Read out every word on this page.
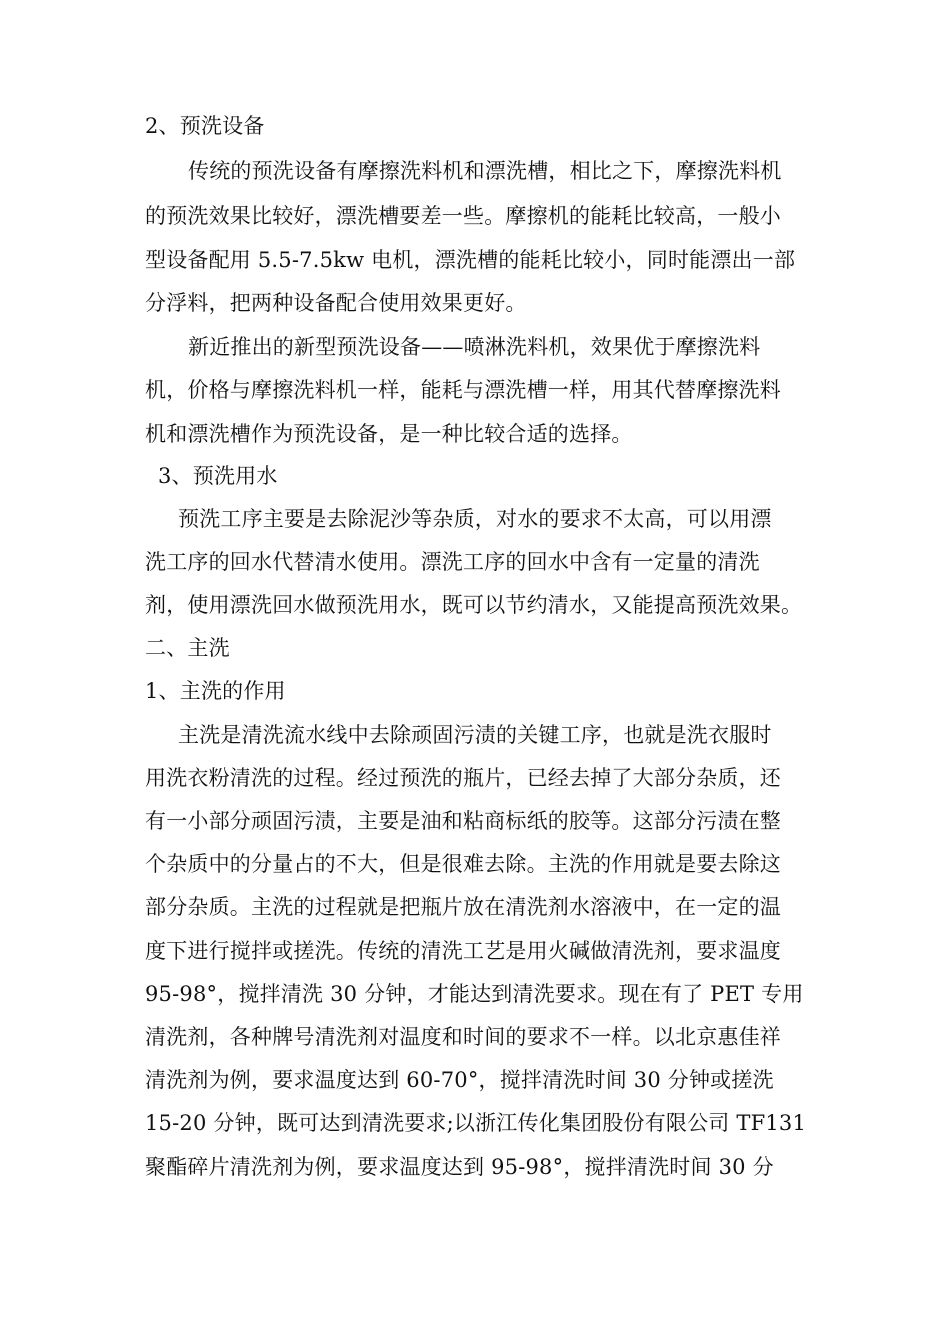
2、预洗设备

传统的预洗设备有摩擦洗料机和漂洗槽，相比之下，摩擦洗料机

的预洗效果比较好，漂洗槽要差一些。摩擦机的能耗比较高，一般小

型设备配用 5.5-7.5kw 电机，漂洗槽的能耗比较小，同时能漂出一部

分浮料，把两种设备配合使用效果更好。

新近推出的新型预洗设备——喷淋洗料机，效果优于摩擦洗料

机，价格与摩擦洗料机一样，能耗与漂洗槽一样，用其代替摩擦洗料

机和漂洗槽作为预洗设备，是一种比较合适的选择。

3、预洗用水

预洗工序主要是去除泥沙等杂质，对水的要求不太高，可以用漂

洗工序的回水代替清水使用。漂洗工序的回水中含有一定量的清洗

剂，使用漂洗回水做预洗用水，既可以节约清水，又能提高预洗效果。

二、主洗

1、主洗的作用

主洗是清洗流水线中去除顽固污渍的关键工序，也就是洗衣服时

用洗衣粉清洗的过程。经过预洗的瓶片，已经去掉了大部分杂质，还

有一小部分顽固污渍，主要是油和粘商标纸的胶等。这部分污渍在整

个杂质中的分量占的不大，但是很难去除。主洗的作用就是要去除这

部分杂质。主洗的过程就是把瓶片放在清洗剂水溶液中，在一定的温

度下进行搅拌或搓洗。传统的清洗工艺是用火碱做清洗剂，要求温度

95-98°，搅拌清洗 30 分钟，才能达到清洗要求。现在有了 PET 专用

清洗剂，各种牌号清洗剂对温度和时间的要求不一样。以北京惠佳祥

清洗剂为例，要求温度达到 60-70°，搅拌清洗时间 30 分钟或搓洗

15-20 分钟，既可达到清洗要求;以浙江传化集团股份有限公司 TF131

聚酯碎片清洗剂为例，要求温度达到 95-98°，搅拌清洗时间 30 分
